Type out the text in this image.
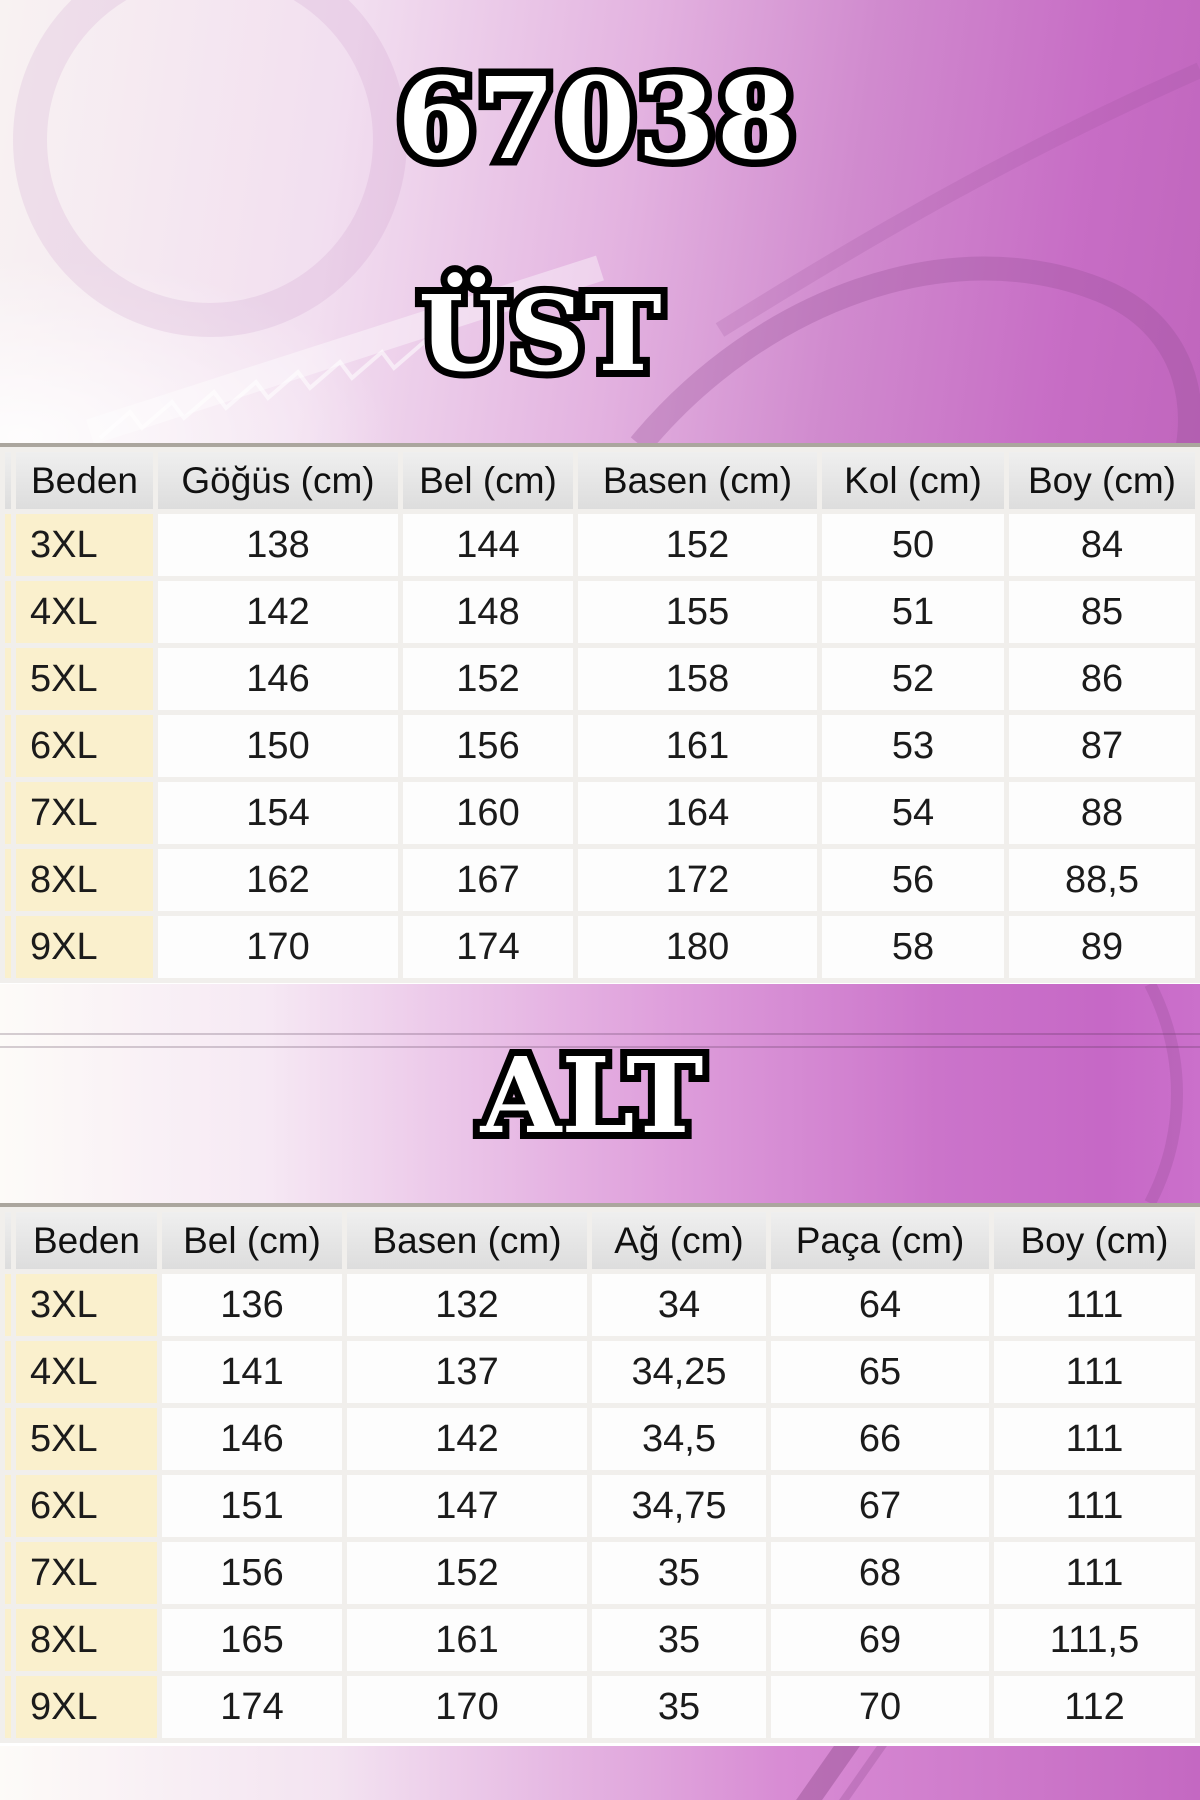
67038
ÜST
	Beden	Göğüs (cm)	Bel (cm)	Basen (cm)	Kol (cm)	Boy (cm)
	3XL	138	144	152	50	84
	4XL	142	148	155	51	85
	5XL	146	152	158	52	86
	6XL	150	156	161	53	87
	7XL	154	160	164	54	88
	8XL	162	167	172	56	88,5
	9XL	170	174	180	58	89
ALT
	Beden	Bel (cm)	Basen (cm)	Ağ (cm)	Paça (cm)	Boy (cm)
	3XL	136	132	34	64	111
	4XL	141	137	34,25	65	111
	5XL	146	142	34,5	66	111
	6XL	151	147	34,75	67	111
	7XL	156	152	35	68	111
	8XL	165	161	35	69	111,5
	9XL	174	170	35	70	112
